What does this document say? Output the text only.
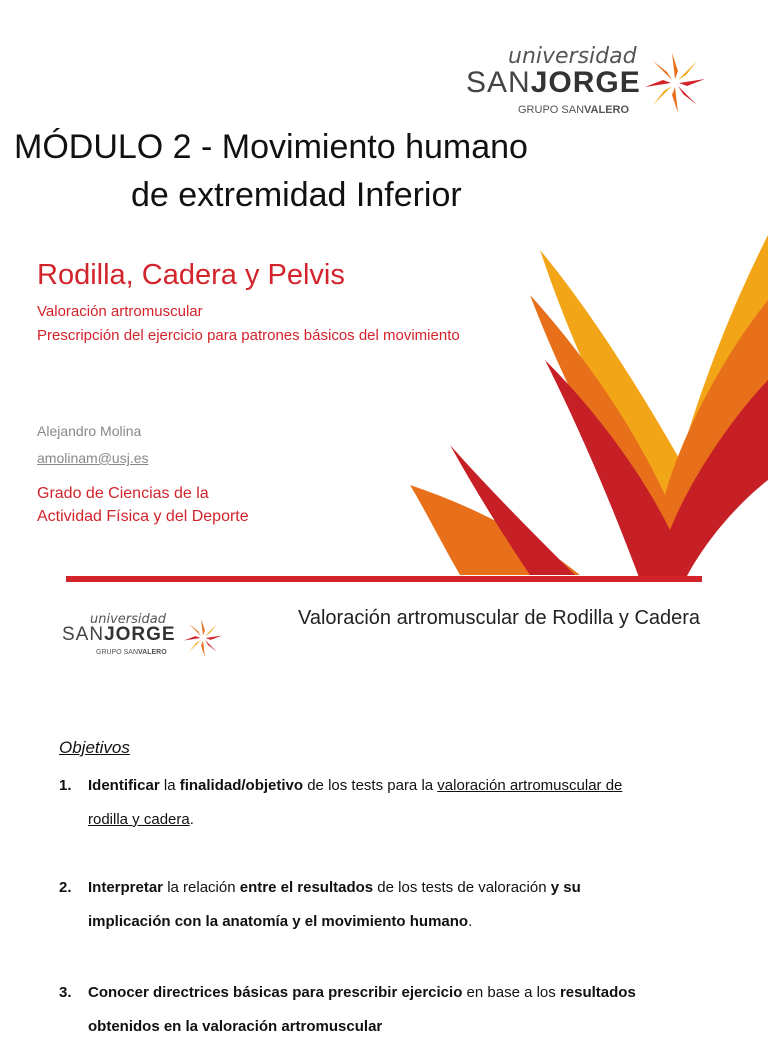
universidad
SANJORGE
GRUPO SANVALERO
MÓDULO 2 - Movimiento humano
de extremidad Inferior
Rodilla, Cadera y Pelvis
Valoración artromuscular
Prescripción del ejercicio para patrones básicos del movimiento
Alejandro Molina
amolinam@usj.es
Grado de Ciencias de la
Actividad Física y del Deporte
universidad
SANJORGE
GRUPO SANVALERO
Valoración artromuscular de Rodilla y Cadera
Objetivos
1. Identificar la finalidad/objetivo de los tests para la valoración artromuscular de
rodilla y cadera.
2. Interpretar la relación entre el resultados de los tests de valoración y su
implicación con la anatomía y el movimiento humano.
3. Conocer directrices básicas para prescribir ejercicio en base a los resultados
obtenidos en la valoración artromuscular
